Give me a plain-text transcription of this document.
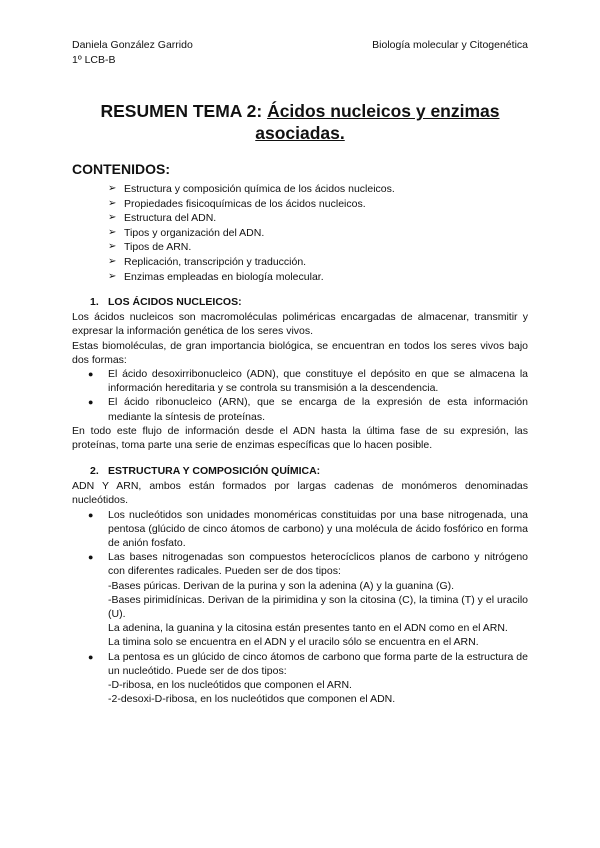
Daniela González Garrido
1º LCB-B
Biología molecular y Citogenética
RESUMEN TEMA 2: Ácidos nucleicos y enzimas asociadas.
CONTENIDOS:
➢ Estructura y composición química de los ácidos nucleicos.
➢ Propiedades fisicoquímicas de los ácidos nucleicos.
➢ Estructura del ADN.
➢ Tipos y organización del ADN.
➢ Tipos de ARN.
➢ Replicación, transcripción y traducción.
➢ Enzimas empleadas en biología molecular.
1. LOS ÁCIDOS NUCLEICOS:

Los ácidos nucleicos son macromoléculas poliméricas encargadas de almacenar, transmitir y expresar la información genética de los seres vivos.

Estas biomoléculas, de gran importancia biológica, se encuentran en todos los seres vivos bajo dos formas:

● El ácido desoxirribonucleico (ADN), que constituye el depósito en que se almacena la información hereditaria y se controla su transmisión a la descendencia.
● El ácido ribonucleico (ARN), que se encarga de la expresión de esta información mediante la síntesis de proteínas.

En todo este flujo de información desde el ADN hasta la última fase de su expresión, las proteínas, toma parte una serie de enzimas específicas que lo hacen posible.

2. ESTRUCTURA Y COMPOSICIÓN QUÍMICA:

ADN Y ARN, ambos están formados por largas cadenas de monómeros denominadas nucleótidos.

● Los nucleótidos son unidades monoméricas constituidas por una base nitrogenada, una pentosa (glúcido de cinco átomos de carbono) y una molécula de ácido fosfórico en forma de anión fosfato.
● Las bases nitrogenadas son compuestos heterocíclicos planos de carbono y nitrógeno con diferentes radicales. Pueden ser de dos tipos:
-Bases púricas. Derivan de la purina y son la adenina (A) y la guanina (G).
-Bases pirimidínicas. Derivan de la pirimidina y son la citosina (C), la timina (T) y el uracilo (U).
La adenina, la guanina y la citosina están presentes tanto en el ADN como en el ARN.
La timina solo se encuentra en el ADN y el uracilo sólo se encuentra en el ARN.
● La pentosa es un glúcido de cinco átomos de carbono que forma parte de la estructura de un nucleótido. Puede ser de dos tipos:
-D-ribosa, en los nucleótidos que componen el ARN.
-2-desoxi-D-ribosa, en los nucleótidos que componen el ADN.
